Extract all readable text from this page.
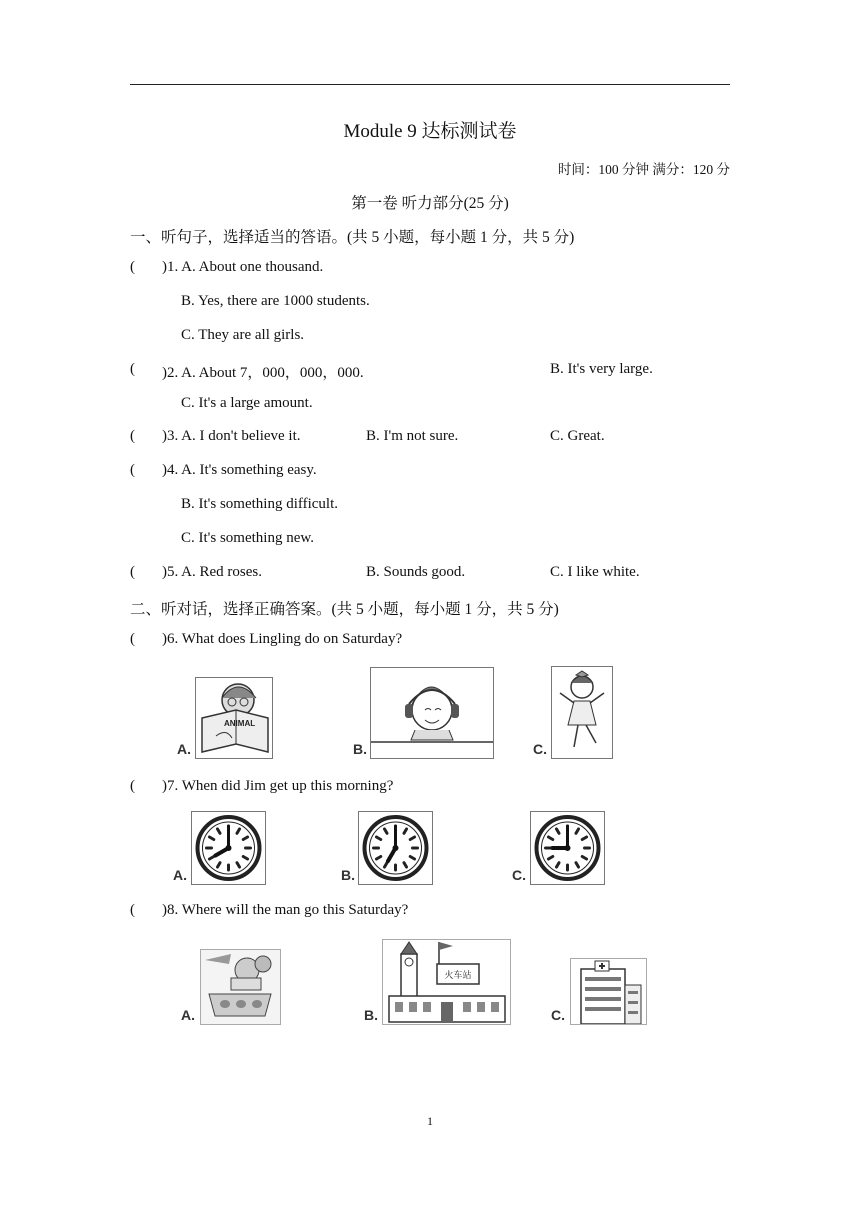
Module 9 达标测试卷
时间：100 分钟 满分：120 分
第一卷 听力部分(25 分)
一、听句子，选择适当的答语。(共 5 小题，每小题 1 分，共 5 分)
( )1. A. About one thousand.
B. Yes, there are 1000 students.
C. They are all girls.
( )2. A. About 7，000，000，000.	B. It's very large.
C. It's a large amount.
( )3. A. I don't believe it.	B. I'm not sure.	C. Great.
( )4. A. It's something easy.
B. It's something difficult.
C. It's something new.
( )5. A. Red roses.	B. Sounds good.	C. I like white.
二、听对话，选择正确答案。(共 5 小题，每小题 1 分，共 5 分)
( )6. What does Lingling do on Saturday?
A.
ANIMAL
B.	C.
( )7. When did Jim get up this morning?
A.	B.	C.
( )8. Where will the man go this Saturday?
A.	B.
火车站
C.
1
